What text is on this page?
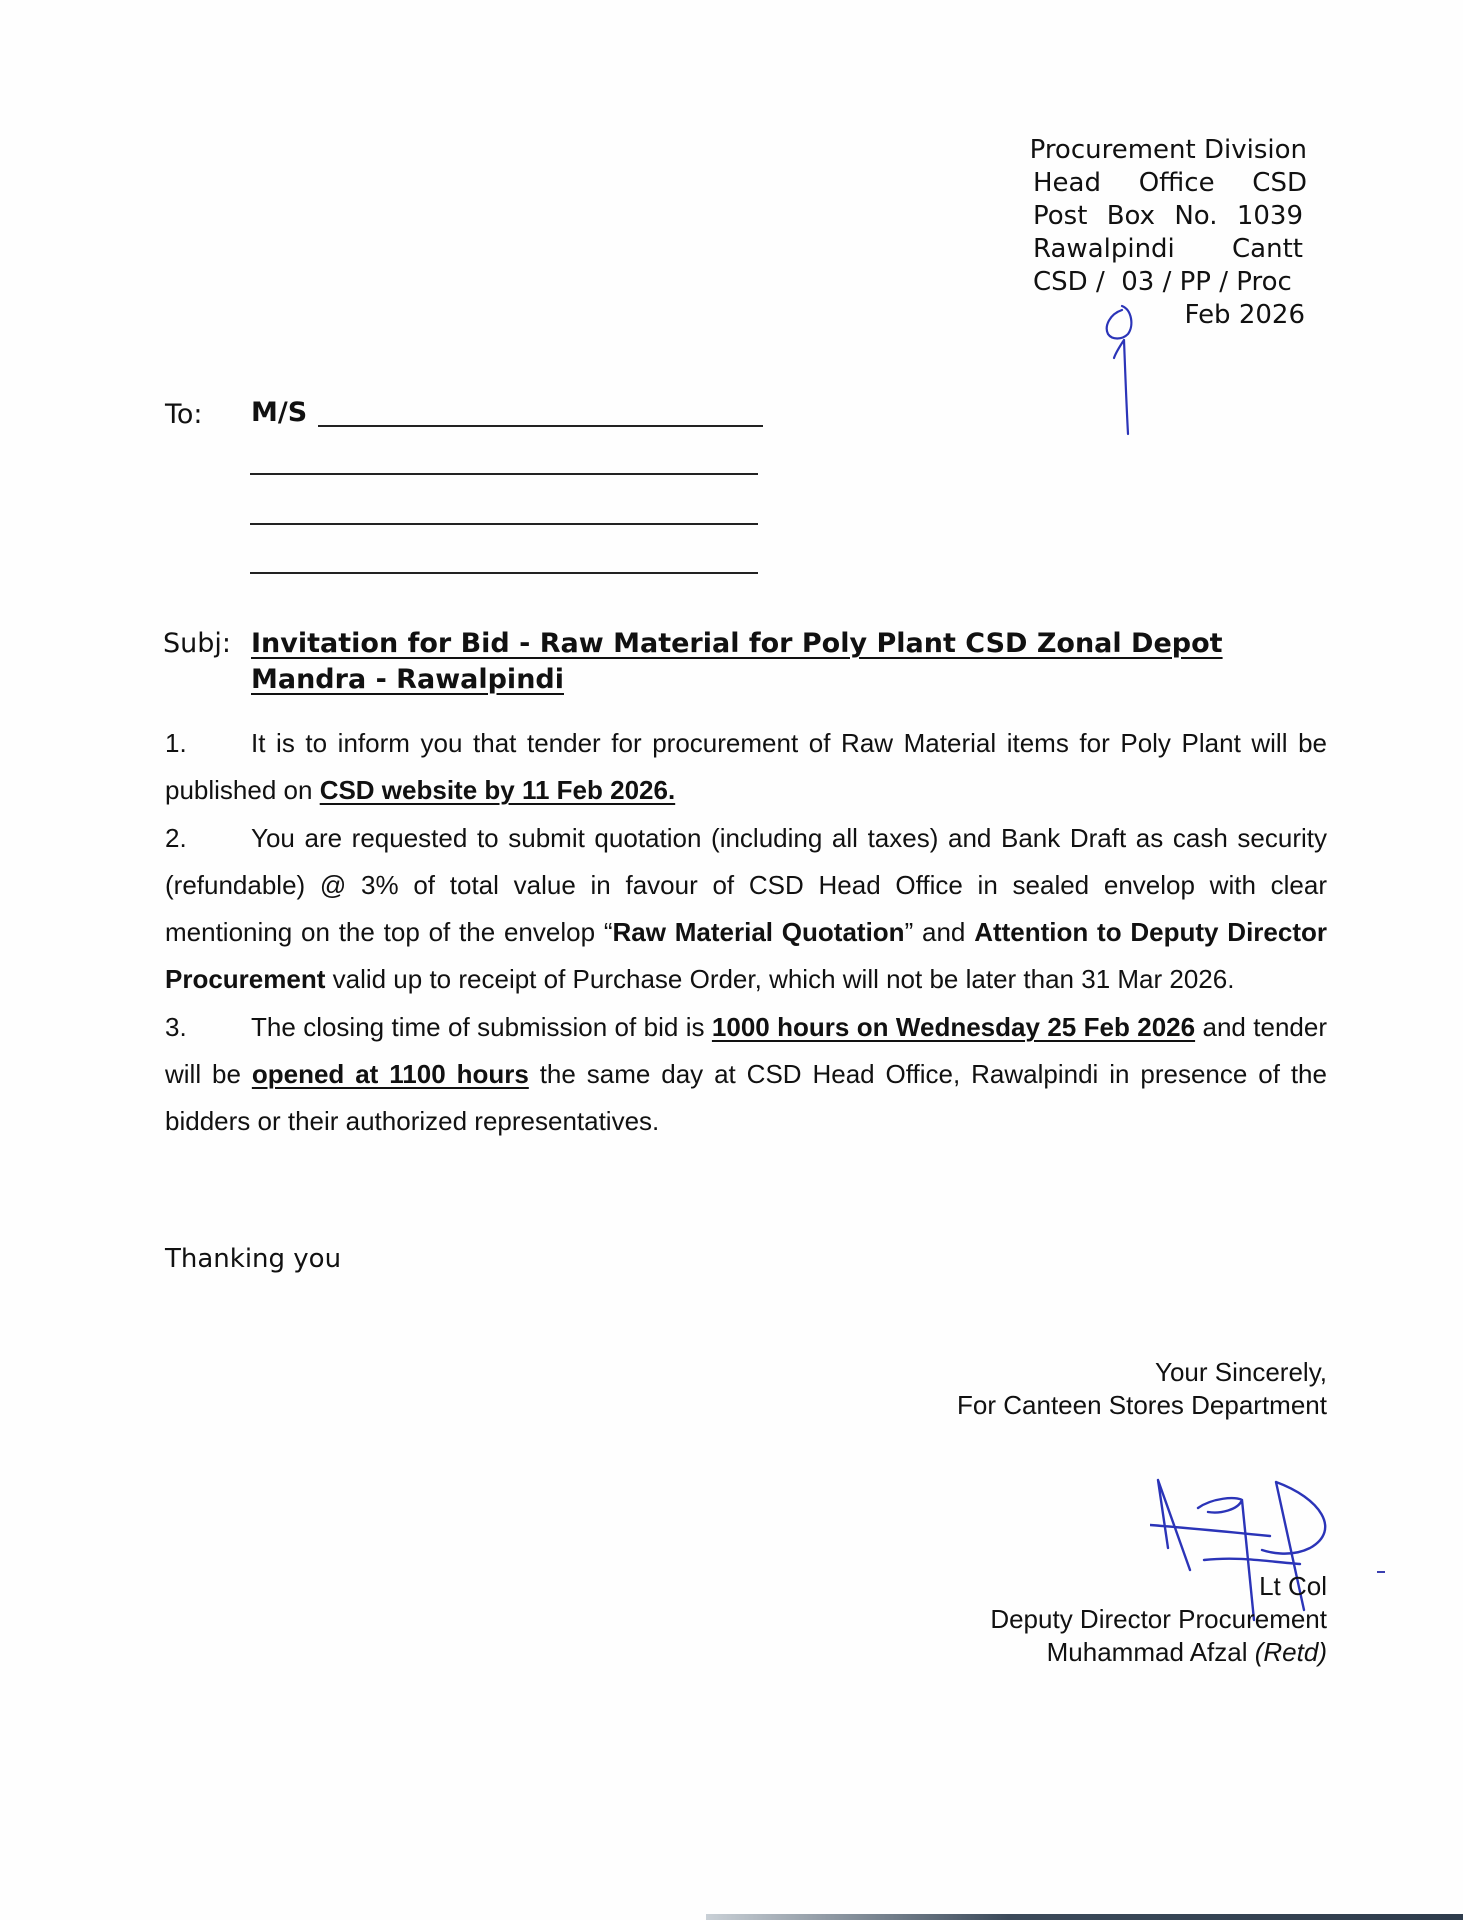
Procurement Division
Head Office CSD
Post Box No. 1039
Rawalpindi Cantt
CSD /  03 / PP / Proc
Feb 2026
To: M/S
Subj: Invitation for Bid - Raw Material for Poly Plant CSD Zonal Depot Mandra - Rawalpindi

1. It is to inform you that tender for procurement of Raw Material items for Poly Plant will be published on CSD website by 11 Feb 2026.

2. You are requested to submit quotation (including all taxes) and Bank Draft as cash security (refundable) @ 3% of total value in favour of CSD Head Office in sealed envelop with clear mentioning on the top of the envelop “Raw Material Quotation” and Attention to Deputy Director Procurement valid up to receipt of Purchase Order, which will not be later than 31 Mar 2026.

3. The closing time of submission of bid is 1000 hours on Wednesday 25 Feb 2026 and tender will be opened at 1100 hours the same day at CSD Head Office, Rawalpindi in presence of the bidders or their authorized representatives.

Thanking you
Your Sincerely,
For Canteen Stores Department
Lt Col
Deputy Director Procurement
Muhammad Afzal (Retd)
